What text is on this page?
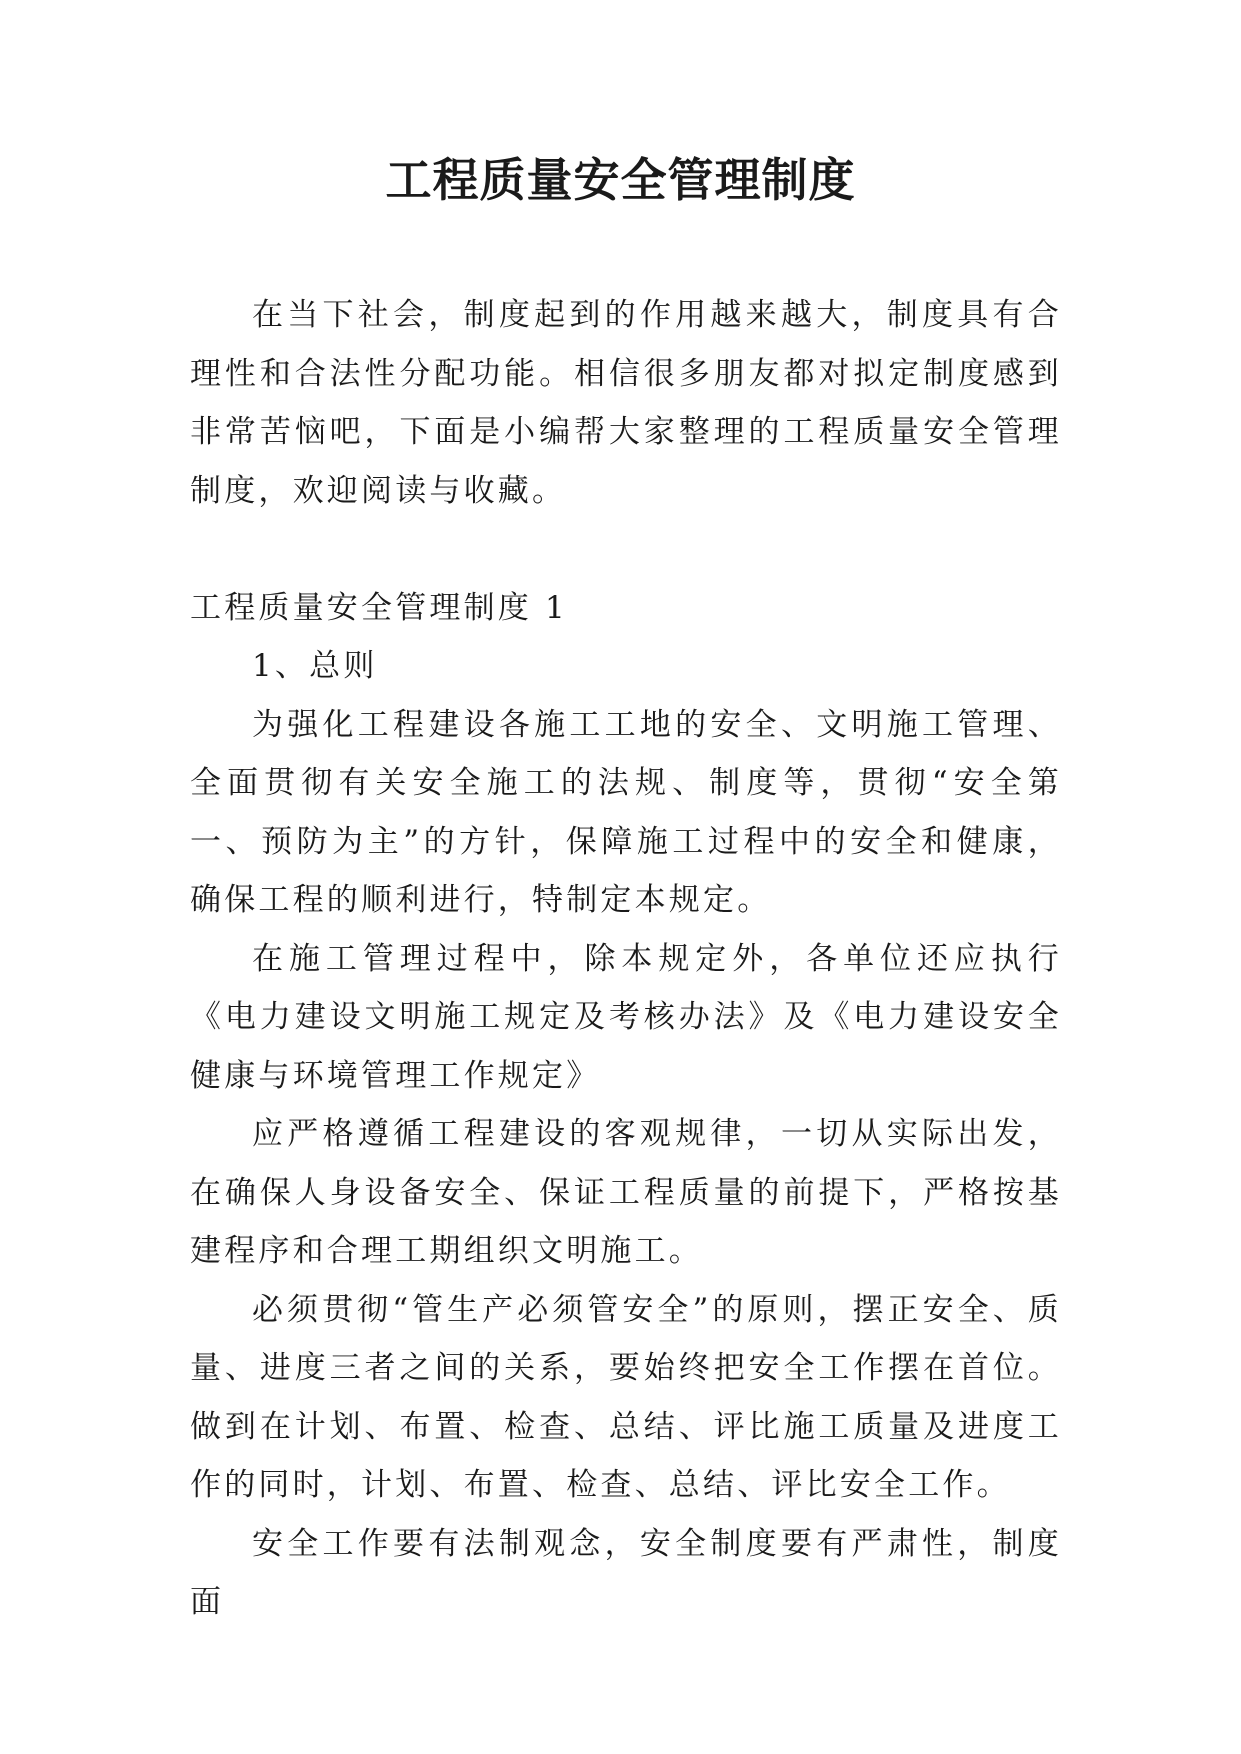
工程质量安全管理制度

在当下社会，制度起到的作用越来越大，制度具有合理性和合法性分配功能。相信很多朋友都对拟定制度感到非常苦恼吧，下面是小编帮大家整理的工程质量安全管理制度，欢迎阅读与收藏。

工程质量安全管理制度 1

1、总则

为强化工程建设各施工工地的安全、文明施工管理、全面贯彻有关安全施工的法规、制度等，贯彻“安全第一、预防为主”的方针，保障施工过程中的安全和健康，确保工程的顺利进行，特制定本规定。

在施工管理过程中，除本规定外，各单位还应执行《电力建设文明施工规定及考核办法》及《电力建设安全健康与环境管理工作规定》

应严格遵循工程建设的客观规律，一切从实际出发，在确保人身设备安全、保证工程质量的前提下，严格按基建程序和合理工期组织文明施工。

必须贯彻“管生产必须管安全”的原则，摆正安全、质量、进度三者之间的关系，要始终把安全工作摆在首位。做到在计划、布置、检查、总结、评比施工质量及进度工作的同时，计划、布置、检查、总结、评比安全工作。

安全工作要有法制观念，安全制度要有严肃性，制度面
